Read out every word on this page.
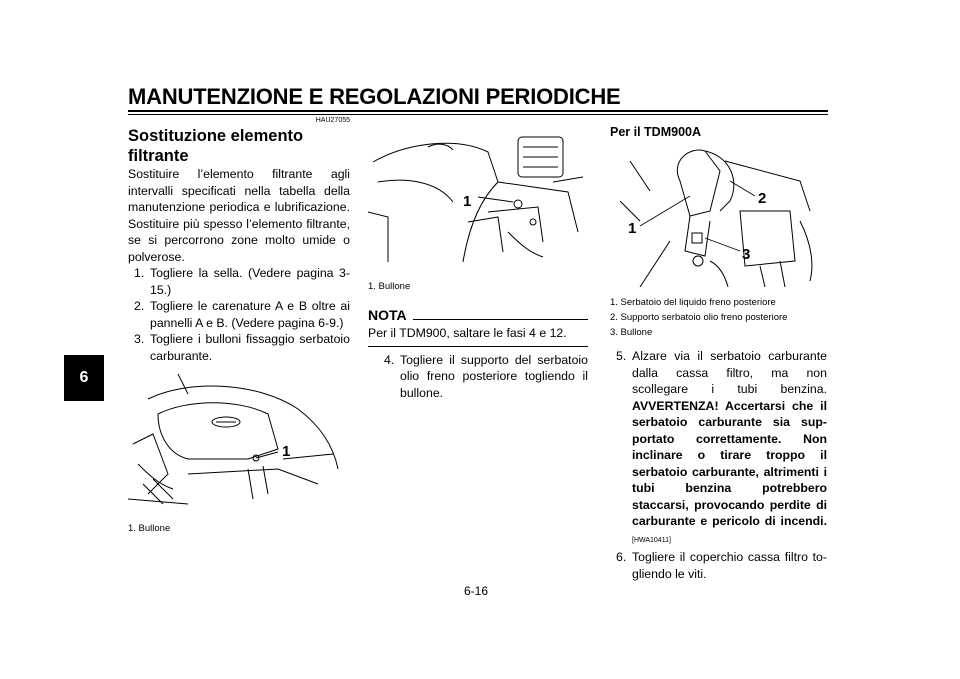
MANUTENZIONE E REGOLAZIONI PERIODICHE
6
HAU27055
Sostituzione elemento filtrante
Sostituire l’elemento filtrante agli intervalli specificati nella tabella della manutenzione periodica e lubrificazione. Sostituire più spesso l’elemento filtrante, se si percorrono zone molto umide o polverose.
1. Togliere la sella. (Vedere pagina 3-15.)
2. Togliere le carenature A e B oltre ai pannelli A e B. (Vedere pagina 6-9.)
3. Togliere i bulloni fissaggio serbatoio carburante.
1
1. Bullone
1
1. Bullone
NOTA
Per il TDM900, saltare le fasi 4 e 12.
4. Togliere il supporto del serbatoio olio freno posteriore togliendo il bullone.
Per il TDM900A
1
2
3
1. Serbatoio del liquido freno posteriore
2. Supporto serbatoio olio freno posteriore
3. Bullone
5. Alzare via il serbatoio carburante dalla cassa filtro, ma non scollegare i tubi benzina. AVVERTENZA! Accertarsi che il serbatoio carburante sia supportato correttamente. Non inclinare o tirare troppo il serbatoio carburante, altrimenti i tubi benzina potrebbero staccarsi, provocando perdite di carburante e pericolo di incendi.[HWA10411]
6. Togliere il coperchio cassa filtro togliendo le viti.
6-16
